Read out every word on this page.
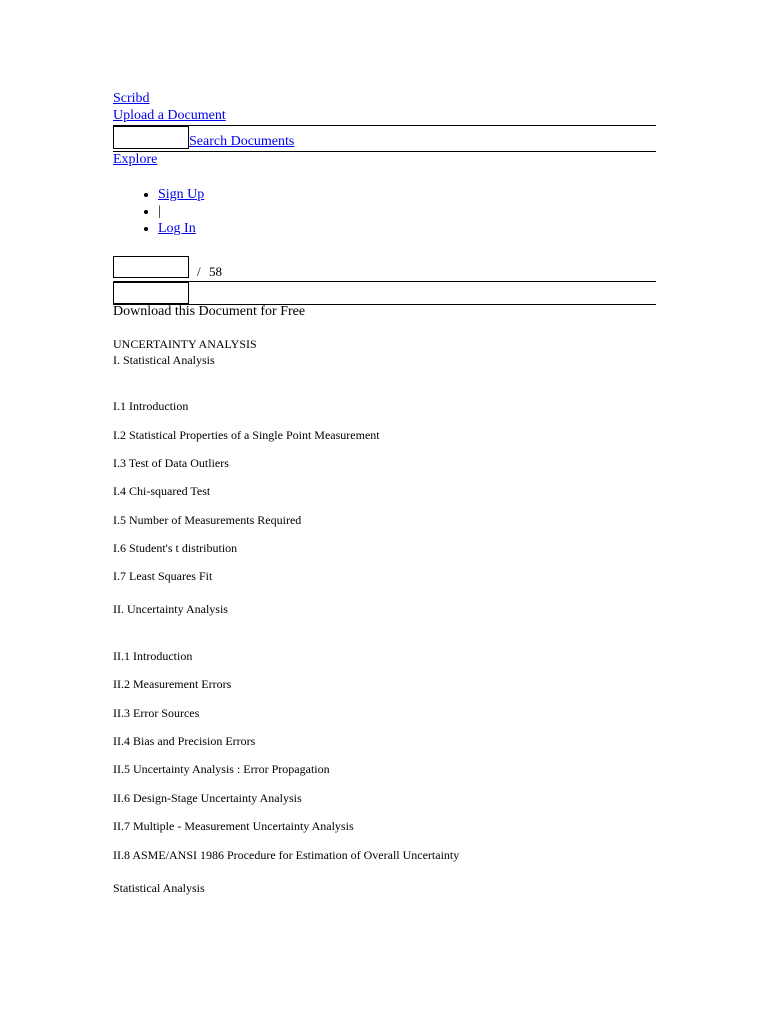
Scribd
Upload a Document
Search Documents
Explore
• Sign Up
• |
• Log In
/ 58
Download this Document for Free
UNCERTAINTY ANALYSIS
I. Statistical Analysis
I.1 Introduction
I.2 Statistical Properties of a Single Point Measurement
I.3 Test of Data Outliers
I.4 Chi-squared Test
I.5 Number of Measurements Required
I.6 Student's t distribution
I.7 Least Squares Fit
II. Uncertainty Analysis
II.1 Introduction
II.2 Measurement Errors
II.3 Error Sources
II.4 Bias and Precision Errors
II.5 Uncertainty Analysis : Error Propagation
II.6 Design-Stage Uncertainty Analysis
II.7 Multiple - Measurement Uncertainty Analysis
II.8 ASME/ANSI 1986 Procedure for Estimation of Overall Uncertainty
Statistical Analysis
